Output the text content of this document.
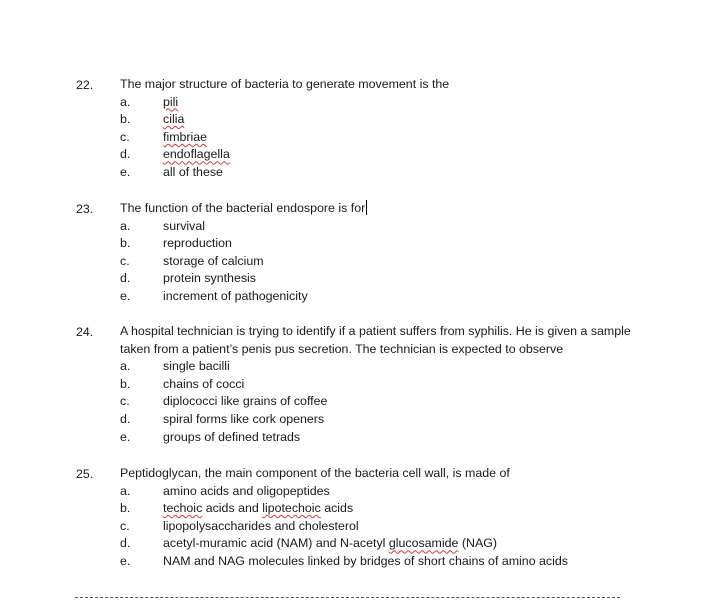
22. The major structure of bacteria to generate movement is the
a.	pili
b.	cilia
c.	fimbriae
d.	endoflagella
e.	all of these
23. The function of the bacterial endospore is for
a.	survival
b.	reproduction
c.	storage of calcium
d.	protein synthesis
e.	increment of pathogenicity
24. A hospital technician is trying to identify if a patient suffers from syphilis. He is given a sample taken from a patient’s penis pus secretion. The technician is expected to observe
a.	single bacilli
b.	chains of cocci
c.	diplococci like grains of coffee
d.	spiral forms like cork openers
e.	groups of defined tetrads
25. Peptidoglycan, the main component of the bacteria cell wall, is made of
a.	amino acids and oligopeptides
b.	techoic acids and lipotechoic acids
c.	lipopolysaccharides and cholesterol
d.	acetyl-muramic acid (NAM) and N-acetyl glucosamide (NAG)
e.	NAM and NAG molecules linked by bridges of short chains of amino acids
